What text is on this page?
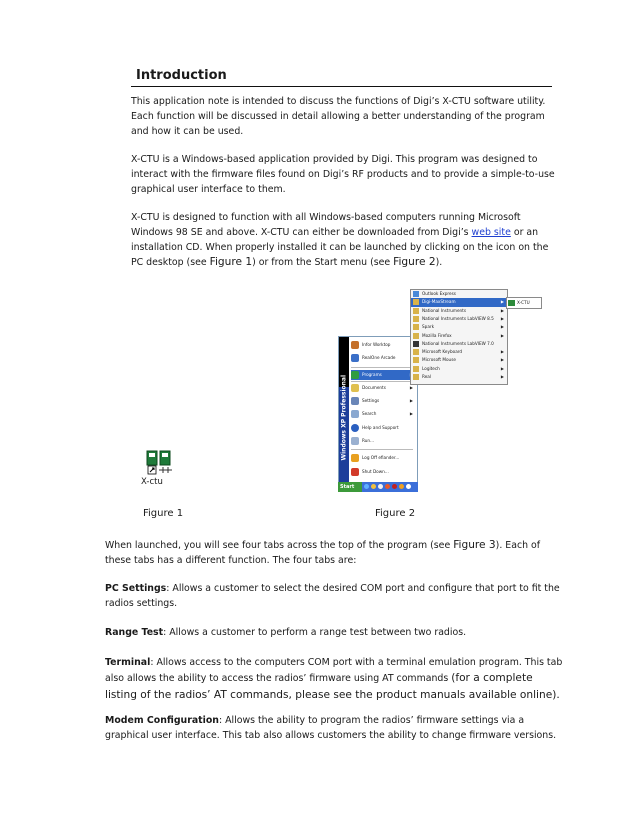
Introduction
This application note is intended to discuss the functions of Digi’s X-CTU software utility. Each function will be discussed in detail allowing a better understanding of the program and how it can be used.
X-CTU is a Windows-based application provided by Digi. This program was designed to interact with the firmware files found on Digi’s RF products and to provide a simple-to-use graphical user interface to them.
X-CTU is designed to function with all Windows-based computers running Microsoft Windows 98 SE and above. X-CTU can either be downloaded from Digi’s web site or an installation CD. When properly installed it can be launched by clicking on the icon on the PC desktop (see Figure 1) or from the Start menu (see Figure 2).
X-ctu
Figure 1
Windows XP Professional
Infor Worktop
RealOne Arcade
Programs
Documents	▶
Settings	▶
Search	▶
Help and Support
Run...
Log Off efiander...
Shut Down...
Outlook Express
Digi-MaxStream	▶
National Instruments	▶
National Instruments LabVIEW 8.5 ▶
Spark	▶
Mozilla Firefox	▶
National Instruments LabVIEW 7.0
Microsoft Keyboard	▶
Microsoft Mouse	▶
Logitech	▶
Real	▶
X-CTU
Start
Figure 2
When launched, you will see four tabs across the top of the program (see Figure 3). Each of these tabs has a different function. The four tabs are:
PC Settings: Allows a customer to select the desired COM port and configure that port to fit the radios settings.
Range Test: Allows a customer to perform a range test between two radios.
Terminal: Allows access to the computers COM port with a terminal emulation program. This tab also allows the ability to access the radios’ firmware using AT commands (for a complete listing of the radios’ AT commands, please see the product manuals available online).
Modem Configuration: Allows the ability to program the radios’ firmware settings via a graphical user interface. This tab also allows customers the ability to change firmware versions.
